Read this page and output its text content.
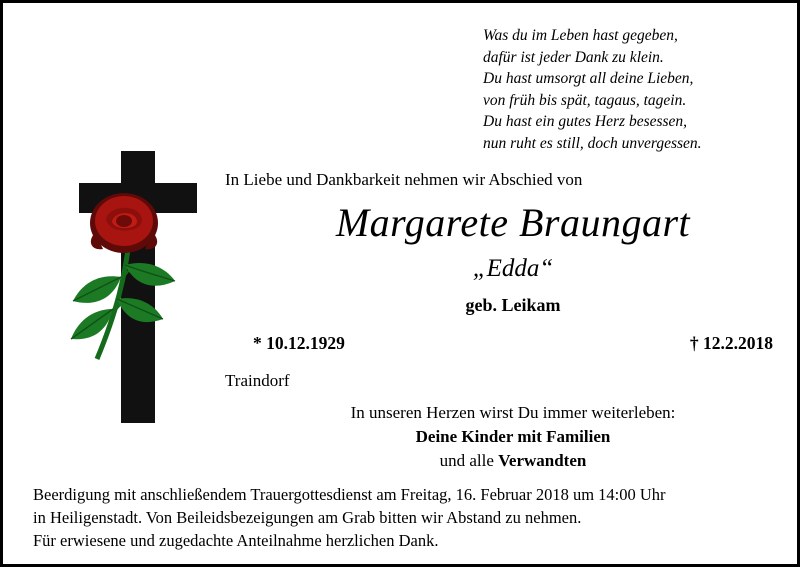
Was du im Leben hast gegeben,
dafür ist jeder Dank zu klein.
Du hast umsorgt all deine Lieben,
von früh bis spät, tagaus, tagein.
Du hast ein gutes Herz besessen,
nun ruht es still, doch unvergessen.
In Liebe und Dankbarkeit nehmen wir Abschied von
Margarete Braungart
„Edda“
geb. Leikam
* 10.12.1929	† 12.2.2018
Traindorf
In unseren Herzen wirst Du immer weiterleben:
Deine Kinder mit Familien
und alle Verwandten
Beerdigung mit anschließendem Trauergottesdienst am Freitag, 16. Februar 2018 um 14:00 Uhr
in Heiligenstadt. Von Beileidsbezeigungen am Grab bitten wir Abstand zu nehmen.
Für erwiesene und zugedachte Anteilnahme herzlichen Dank.
